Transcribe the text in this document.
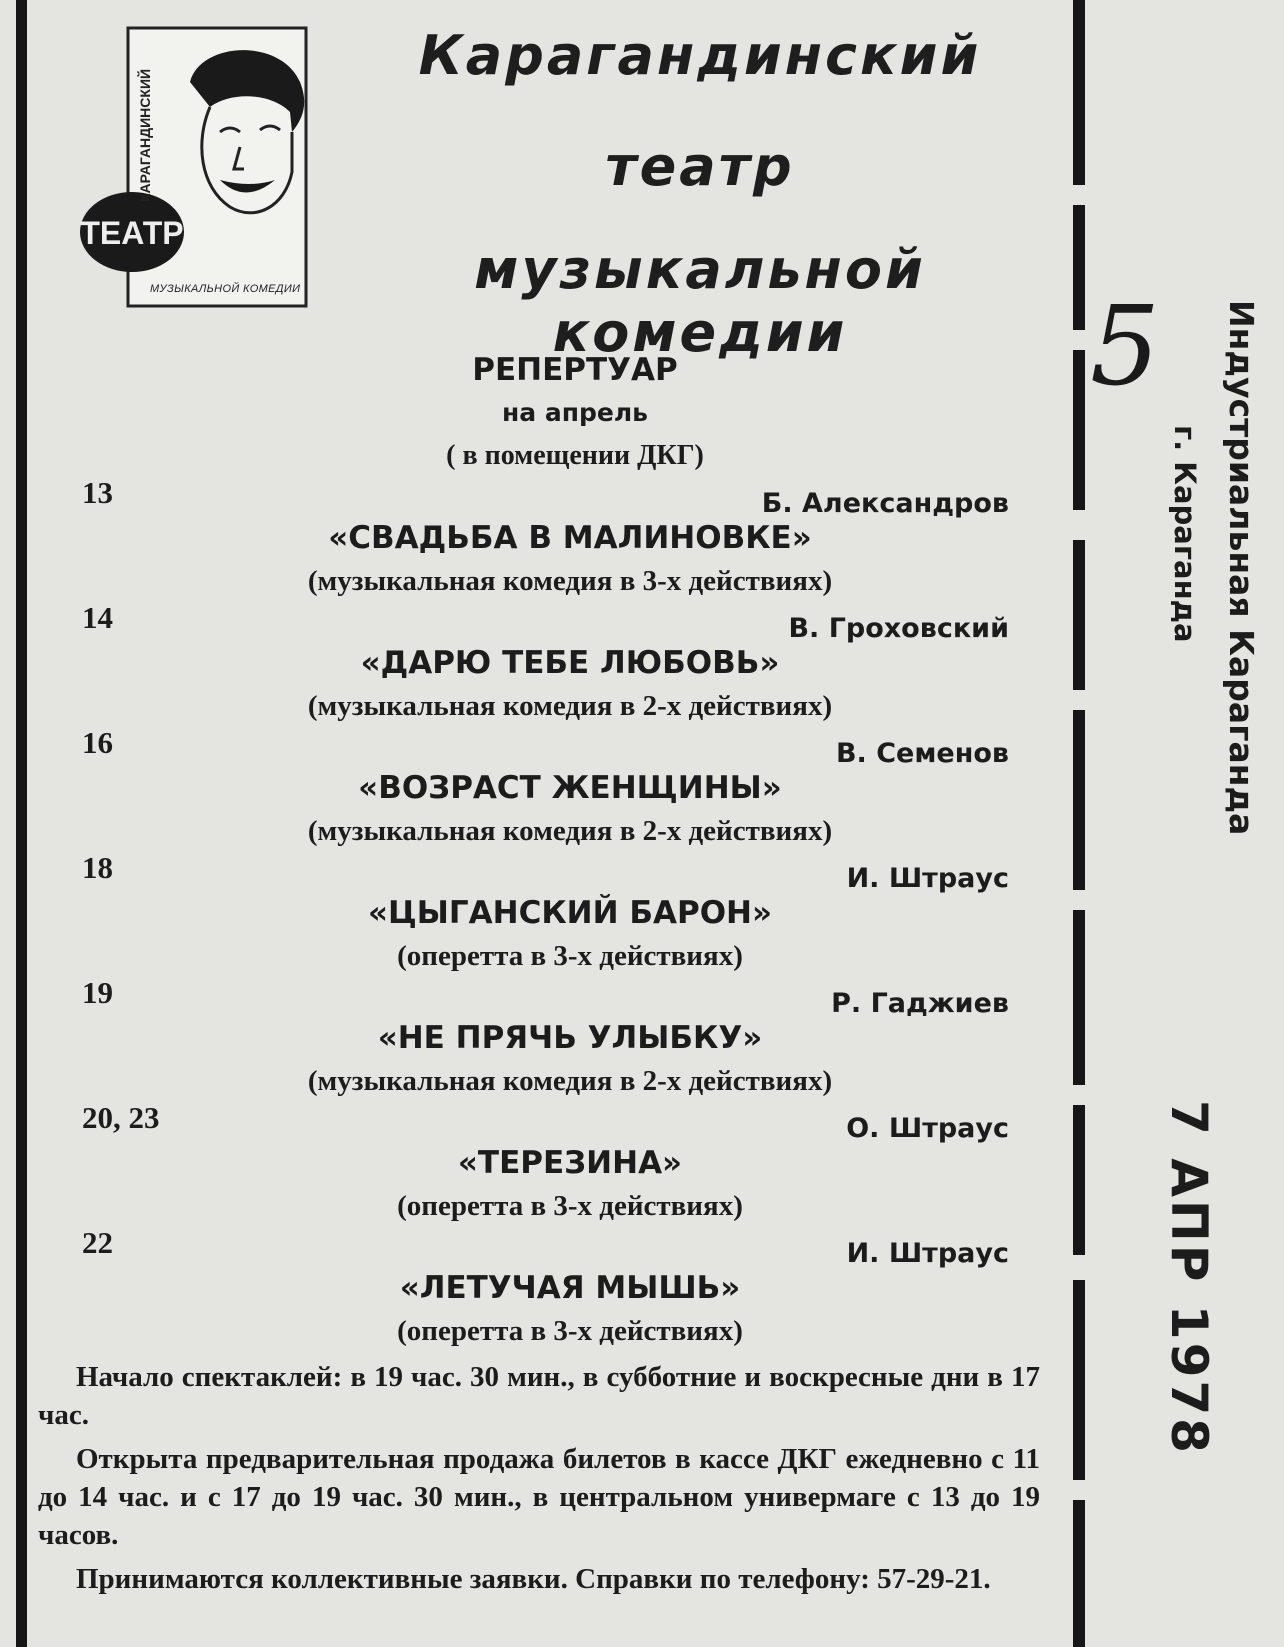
ТЕАТР
КАРАГАНДИНСКИЙ
МУЗЫКАЛЬНОЙ КОМЕДИИ
Карагандинский
театр
музыкальной комедии
РЕПЕРТУАР
на апрель
( в помещении ДКГ)
13	Б. Александров
«СВАДЬБА В МАЛИНОВКЕ»
(музыкальная комедия в 3-х действиях)
14	В. Гроховский
«ДАРЮ ТЕБЕ ЛЮБОВЬ»
(музыкальная комедия в 2-х действиях)
16	В. Семенов
«ВОЗРАСТ ЖЕНЩИНЫ»
(музыкальная комедия в 2-х действиях)
18	И. Штраус
«ЦЫГАНСКИЙ БАРОН»
(оперетта в 3-х действиях)
19	Р. Гаджиев
«НЕ ПРЯЧЬ УЛЫБКУ»
(музыкальная комедия в 2-х действиях)
20, 23	О. Штраус
«ТЕРЕЗИНА»
(оперетта в 3-х действиях)
22	И. Штраус
«ЛЕТУЧАЯ МЫШЬ»
(оперетта в 3-х действиях)
Начало спектаклей: в 19 час. 30 мин., в субботние и воскресные дни в 17 час.
Открыта предварительная продажа билетов в кассе ДКГ ежедневно с 11 до 14 час. и с 17 до 19 час. 30 мин., в центральном универмаге с 13 до 19 часов.
Принимаются коллективные заявки. Справки по телефону: 57-29-21.
5 Индустриальная Караганда
г. Караганда
7 АПР 1978
